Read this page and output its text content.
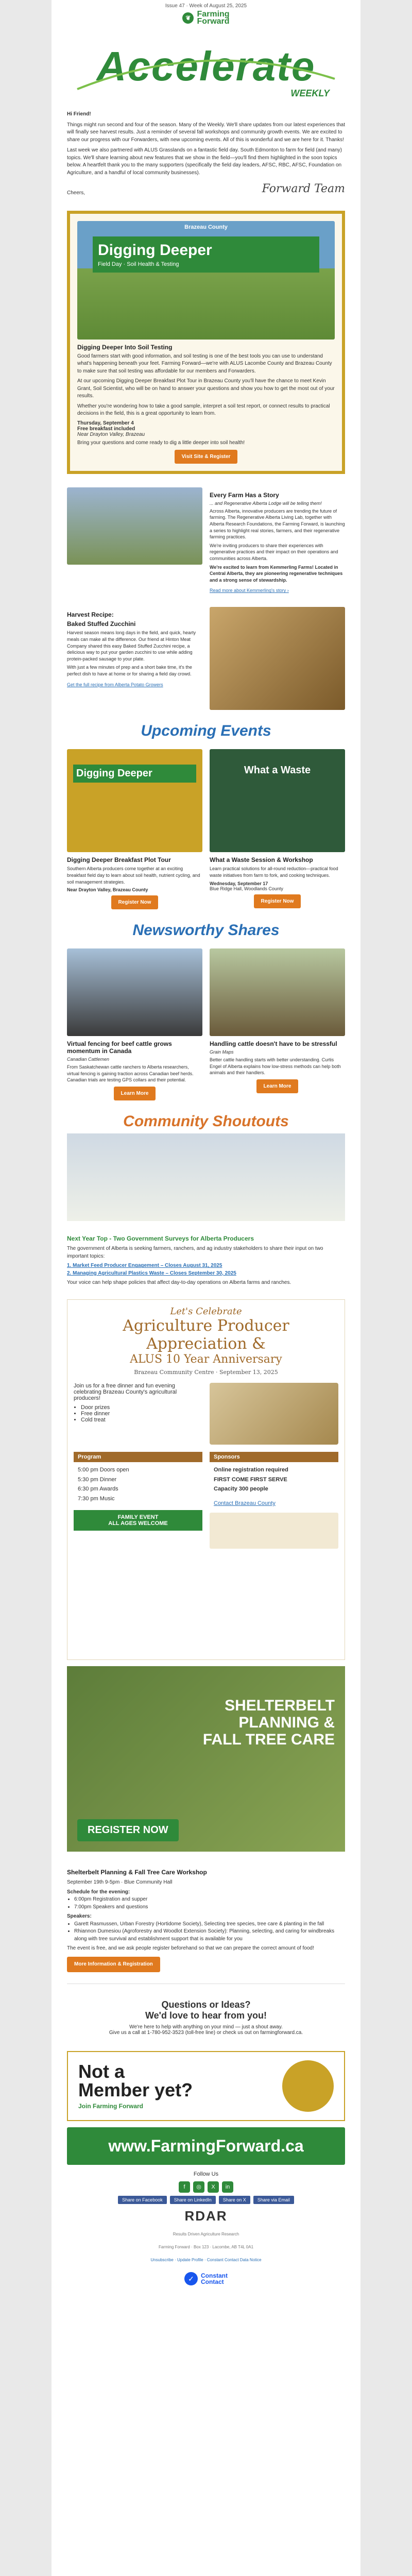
Issue 47 · Week of August 25, 2025
❦ Farming
Forward
Accelerate
WEEKLY

Hi Friend!

Things might run second and four of the season. Many of the Weekly. We'll share updates from our latest experiences that will finally see harvest results. Just a reminder of several fall workshops and community growth events. We are excited to share our progress with our Forwarders, with new upcoming events. All of this is wonderful and we are here for it. Thanks!

Last week we also partnered with ALUS Grasslands on a fantastic field day. South Edmonton to farm for field (and many) topics. We'll share learning about new features that we show in the field—you'll find them highlighted in the soon topics below. A heartfelt thank you to the many supporters (specifically the field day leaders, AFSC, RBC, AFSC, Foundation on Agriculture, and a handful of local community businesses).

Cheers,	Forward Team
Brazeau County
Digging Deeper
Field Day · Soil Health & Testing
Digging Deeper Into Soil Testing

Good farmers start with good information, and soil testing is one of the best tools you can use to understand what's happening beneath your feet. Farming Forward—we're with ALUS Lacombe County and Brazeau County to make sure that soil testing was affordable for our members and Forwarders.

At our upcoming Digging Deeper Breakfast Plot Tour in Brazeau County you'll have the chance to meet Kevin Grant, Soil Scientist, who will be on hand to answer your questions and show you how to get the most out of your results.

Whether you're wondering how to take a good sample, interpret a soil test report, or connect results to practical decisions in the field, this is a great opportunity to learn from.

Thursday, September 4
Free breakfast included
Near Drayton Valley, Brazeau

Bring your questions and come ready to dig a little deeper into soil health!

Visit Site & Register
Every Farm Has a Story
... and Regenerative Alberta Lodge will be telling them!

Across Alberta, innovative producers are trending the future of farming. The Regenerative Alberta Living Lab, together with Alberta Research Foundations, the Farming Forward, is launching a series to highlight real stories, farmers, and their regenerative farming practices.

We're inviting producers to share their experiences with regenerative practices and their impact on their operations and communities across Alberta.

We're excited to learn from Kemmerling Farms! Located in Central Alberta, they are pioneering regenerative techniques and a strong sense of stewardship.

Read more about Kemmerling's story ›
Harvest Recipe:
Baked Stuffed Zucchini

Harvest season means long days in the field, and quick, hearty meals can make all the difference. Our friend at Hinton Meat Company shared this easy Baked Stuffed Zucchini recipe, a delicious way to put your garden zucchini to use while adding protein-packed sausage to your plate.

With just a few minutes of prep and a short bake time, it's the perfect dish to have at home or for sharing a field day crowd.

Get the full recipe from Alberta Potato Growers
Upcoming Events
Digging Deeper
Digging Deeper Breakfast Plot Tour

Southern Alberta producers come together at an exciting breakfast field day to learn about soil health, nutrient cycling, and soil management strategies.

Near Drayton Valley, Brazeau County

Register Now
What a Waste
What a Waste Session & Workshop

Learn practical solutions for all-round reduction—practical food waste initiatives from farm to fork, and cooking techniques.

Wednesday, September 17

Blue Ridge Hall, Woodlands County

Register Now
Newsworthy Shares
Virtual fencing for beef cattle grows momentum in Canada
Canadian Cattlemen

From Saskatchewan cattle ranchers to Alberta researchers, virtual fencing is gaining traction across Canadian beef herds. Canadian trials are testing GPS collars and their potential.

Learn More
Handling cattle doesn't have to be stressful
Grain Maps

Better cattle handling starts with better understanding. Curtis Engel of Alberta explains how low-stress methods can help both animals and their handlers.

Learn More
Community Shoutouts
Next Year Top - Two Government Surveys for Alberta Producers

The government of Alberta is seeking farmers, ranchers, and ag industry stakeholders to share their input on two important topics:

1. Market Feed Producer Engagement – Closes August 31, 2025

2. Managing Agricultural Plastics Waste – Closes September 30, 2025

Your voice can help shape policies that affect day-to-day operations on Alberta farms and ranches.

Let's Celebrate
Agriculture Producer
Appreciation &
ALUS 10 Year Anniversary
Brazeau Community Centre · September 13, 2025

Join us for a free dinner and fun evening celebrating Brazeau County's agricultural producers!

• Door prizes
• Free dinner
• Cold treat
Program
5:00 pm Doors open
5:30 pm Dinner
6:30 pm Awards
7:30 pm Music
FAMILY EVENT
ALL AGES WELCOME
Sponsors
Online registration required
FIRST COME FIRST SERVE
Capacity 300 people
Contact Brazeau County
SHELTERBELT
PLANNING &
FALL TREE CARE
REGISTER NOW
Shelterbelt Planning & Fall Tree Care Workshop

September 19th 9-5pm · Blue Community Hall

Schedule for the evening:

• 6:00pm Registration and supper
• 7:00pm Speakers and questions

Speakers:

• Garett Rasmussen, Urban Forestry (Hortidome Society), Selecting tree species, tree care & planting in the fall
• Rhiannon Dumesiou (Agroforestry and Woodlot Extension Society): Planning, selecting, and caring for windbreaks along with tree survival and establishment support that is available for you

The event is free, and we ask people register beforehand so that we can prepare the correct amount of food!

More Information & Registration
Questions or Ideas?
We'd love to hear from you!

We're here to help with anything on your mind — just a shout away.

Give us a call at 1-780-952-3523 (toll-free line) or check us out on farmingforward.ca.

Not a
Member yet?
Join Farming Forward
www.FarmingForward.ca
Follow Us
f	◎	X	in
Share on Facebook	Share on LinkedIn	Share on X	Share via Email
RDAR
Results Driven Agriculture Research
Farming Forward · Box 123 · Lacombe, AB T4L 0A1
Unsubscribe · Update Profile · Constant Contact Data Notice
✓	Constant
Contact
